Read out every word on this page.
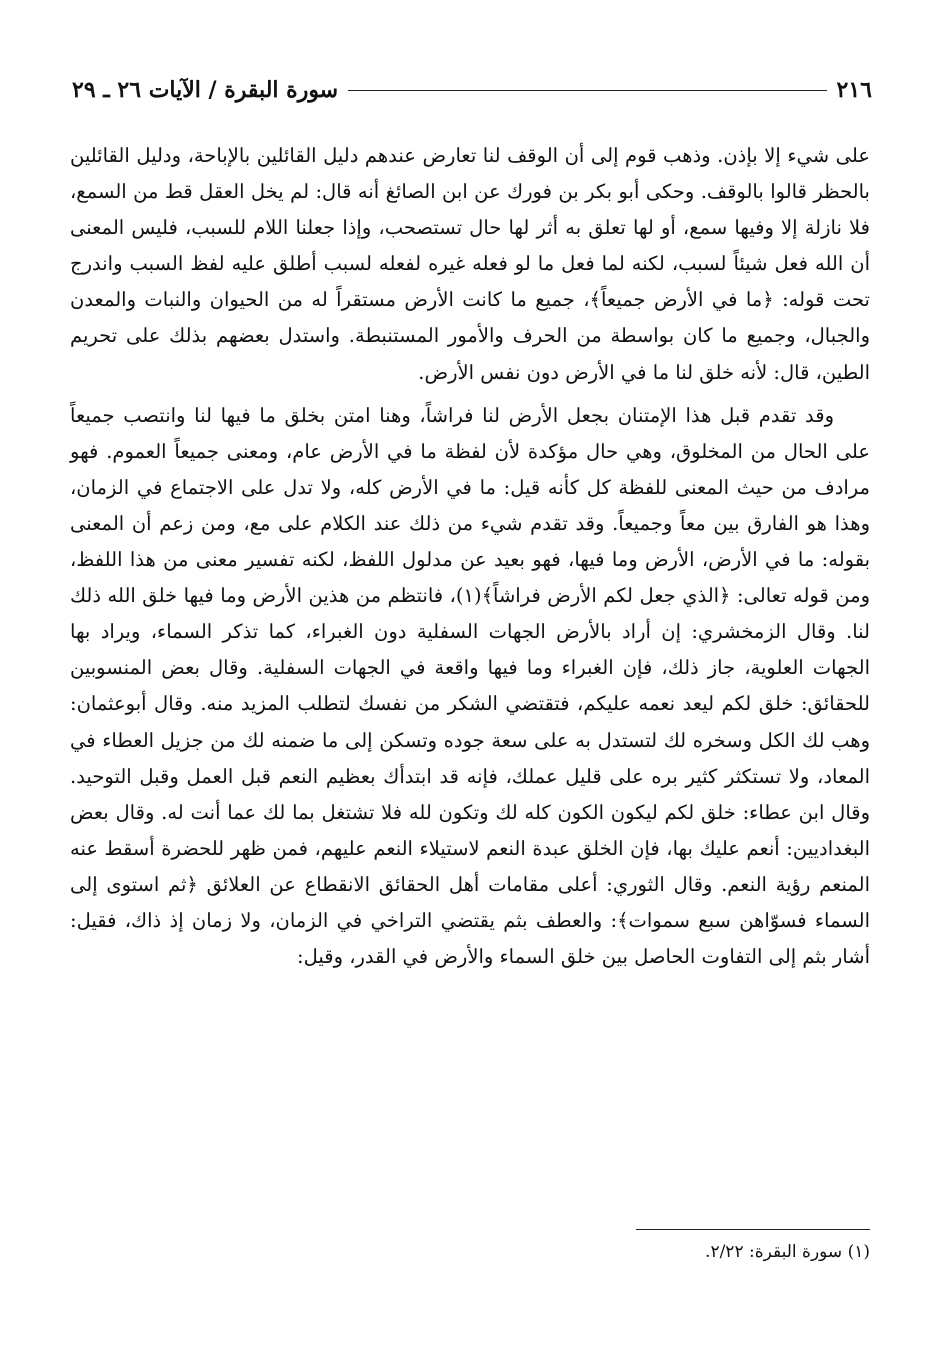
٢١٦
سورة البقرة / الآيات ٢٦ ـ ٢٩

على شيء إلا بإذن. وذهب قوم إلى أن الوقف لنا تعارض عندهم دليل القائلين بالإباحة، ودليل القائلين بالحظر قالوا بالوقف. وحكى أبو بكر بن فورك عن ابن الصائغ أنه قال: لم يخل العقل قط من السمع، فلا نازلة إلا وفيها سمع، أو لها تعلق به أثر لها حال تستصحب، وإذا جعلنا اللام للسبب، فليس المعنى أن الله فعل شيئاً لسبب، لكنه لما فعل ما لو فعله غيره لفعله لسبب أطلق عليه لفظ السبب واندرج تحت قوله: ﴿ما في الأرض جميعاً﴾، جميع ما كانت الأرض مستقراً له من الحيوان والنبات والمعدن والجبال، وجميع ما كان بواسطة من الحرف والأمور المستنبطة. واستدل بعضهم بذلك على تحريم الطين، قال: لأنه خلق لنا ما في الأرض دون نفس الأرض.

وقد تقدم قبل هذا الإمتنان بجعل الأرض لنا فراشاً، وهنا امتن بخلق ما فيها لنا وانتصب جميعاً على الحال من المخلوق، وهي حال مؤكدة لأن لفظة ما في الأرض عام، ومعنى جميعاً العموم. فهو مرادف من حيث المعنى للفظة كل كأنه قيل: ما في الأرض كله، ولا تدل على الاجتماع في الزمان، وهذا هو الفارق بين معاً وجميعاً. وقد تقدم شيء من ذلك عند الكلام على مع، ومن زعم أن المعنى بقوله: ما في الأرض، الأرض وما فيها، فهو بعيد عن مدلول اللفظ، لكنه تفسير معنى من هذا اللفظ، ومن قوله تعالى: ﴿الذي جعل لكم الأرض فراشاً﴾(١)، فانتظم من هذين الأرض وما فيها خلق الله ذلك لنا. وقال الزمخشري: إن أراد بالأرض الجهات السفلية دون الغبراء، كما تذكر السماء، ويراد بها الجهات العلوية، جاز ذلك، فإن الغبراء وما فيها واقعة في الجهات السفلية. وقال بعض المنسوبين للحقائق: خلق لكم ليعد نعمه عليكم، فتقتضي الشكر من نفسك لتطلب المزيد منه. وقال أبوعثمان: وهب لك الكل وسخره لك لتستدل به على سعة جوده وتسكن إلى ما ضمنه لك من جزيل العطاء في المعاد، ولا تستكثر كثير بره على قليل عملك، فإنه قد ابتدأك بعظيم النعم قبل العمل وقبل التوحيد. وقال ابن عطاء: خلق لكم ليكون الكون كله لك وتكون لله فلا تشتغل بما لك عما أنت له. وقال بعض البغداديين: أنعم عليك بها، فإن الخلق عبدة النعم لاستيلاء النعم عليهم، فمن ظهر للحضرة أسقط عنه المنعم رؤية النعم. وقال الثوري: أعلى مقامات أهل الحقائق الانقطاع عن العلائق ﴿ثم استوى إلى السماء فسوّاهن سبع سموات﴾: والعطف بثم يقتضي التراخي في الزمان، ولا زمان إذ ذاك، فقيل: أشار بثم إلى التفاوت الحاصل بين خلق السماء والأرض في القدر، وقيل:

(١) سورة البقرة: ٢/٢٢.
